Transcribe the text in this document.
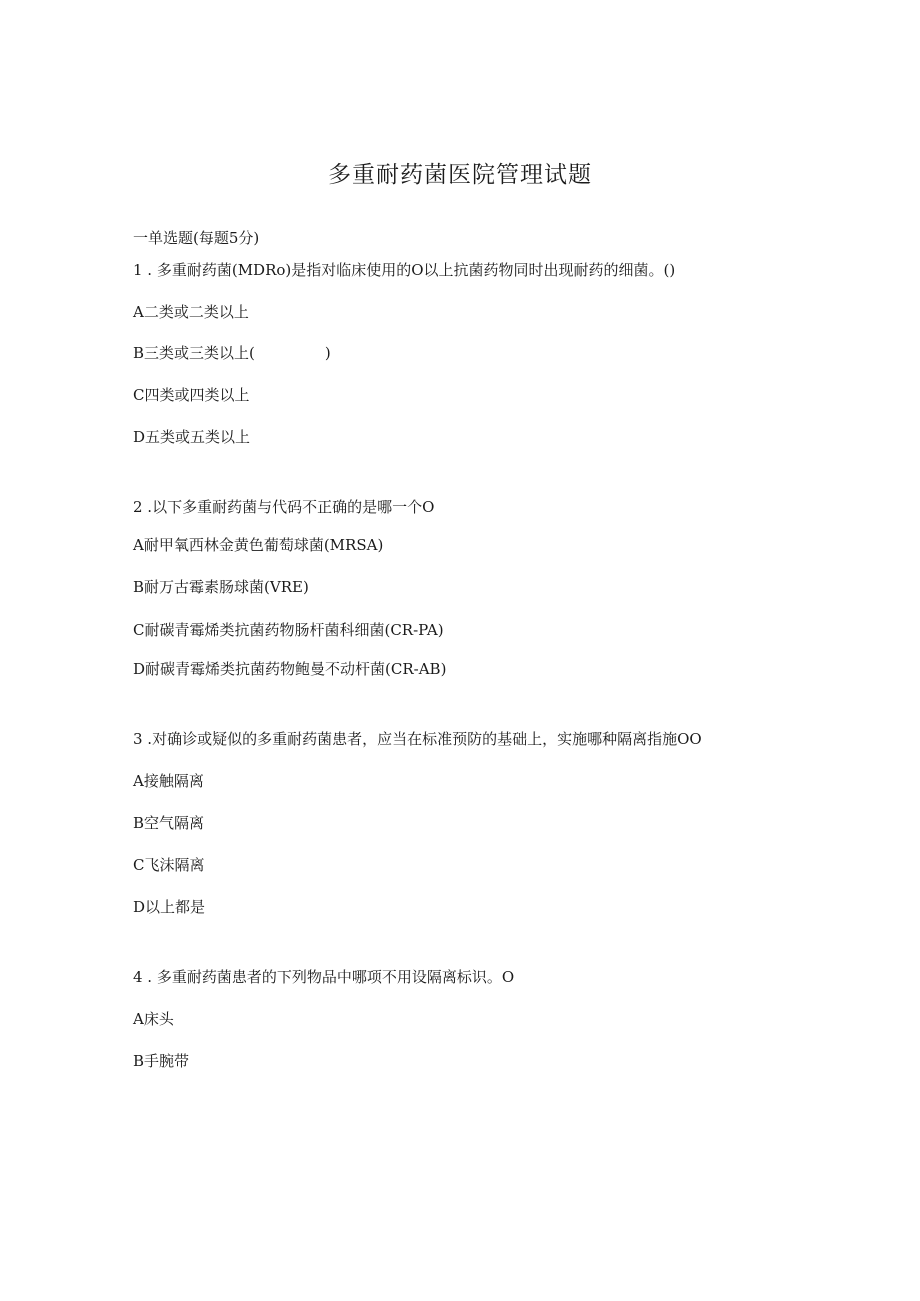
多重耐药菌医院管理试题
一单选题(每题5分)
1 . 多重耐药菌(MDRo)是指对临床使用的O以上抗菌药物同时出现耐药的细菌。()
A二类或二类以上
B三类或三类以上(	)
C四类或四类以上
D五类或五类以上
2 .以下多重耐药菌与代码不正确的是哪一个O
A耐甲氧西林金黄色葡萄球菌(MRSA)
B耐万古霉素肠球菌(VRE)
C耐碳青霉烯类抗菌药物肠杆菌科细菌(CR-PA)
D耐碳青霉烯类抗菌药物鲍曼不动杆菌(CR-AB)
3 .对确诊或疑似的多重耐药菌患者，应当在标准预防的基础上，实施哪种隔离指施OO
A接触隔离
B空气隔离
C飞沫隔离
D以上都是
4 . 多重耐药菌患者的下列物品中哪项不用设隔离标识。O
A床头
B手腕带
